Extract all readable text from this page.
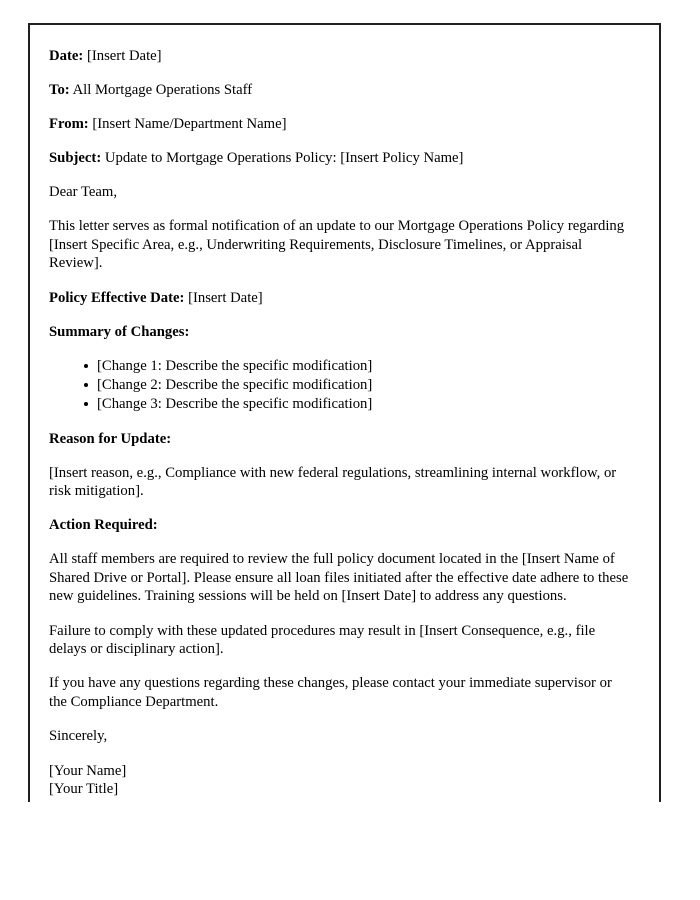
Date: [Insert Date]
To: All Mortgage Operations Staff
From: [Insert Name/Department Name]
Subject: Update to Mortgage Operations Policy: [Insert Policy Name]

Dear Team,

This letter serves as formal notification of an update to our Mortgage Operations Policy regarding [Insert Specific Area, e.g., Underwriting Requirements, Disclosure Timelines, or Appraisal Review].

Policy Effective Date: [Insert Date]
Summary of Changes:
[Change 1: Describe the specific modification]
[Change 2: Describe the specific modification]
[Change 3: Describe the specific modification]
Reason for Update:

[Insert reason, e.g., Compliance with new federal regulations, streamlining internal workflow, or risk mitigation].

Action Required:

All staff members are required to review the full policy document located in the [Insert Name of Shared Drive or Portal]. Please ensure all loan files initiated after the effective date adhere to these new guidelines. Training sessions will be held on [Insert Date] to address any questions.

Failure to comply with these updated procedures may result in [Insert Consequence, e.g., file delays or disciplinary action].

If you have any questions regarding these changes, please contact your immediate supervisor or the Compliance Department.

Sincerely,

[Your Name]
[Your Title]
